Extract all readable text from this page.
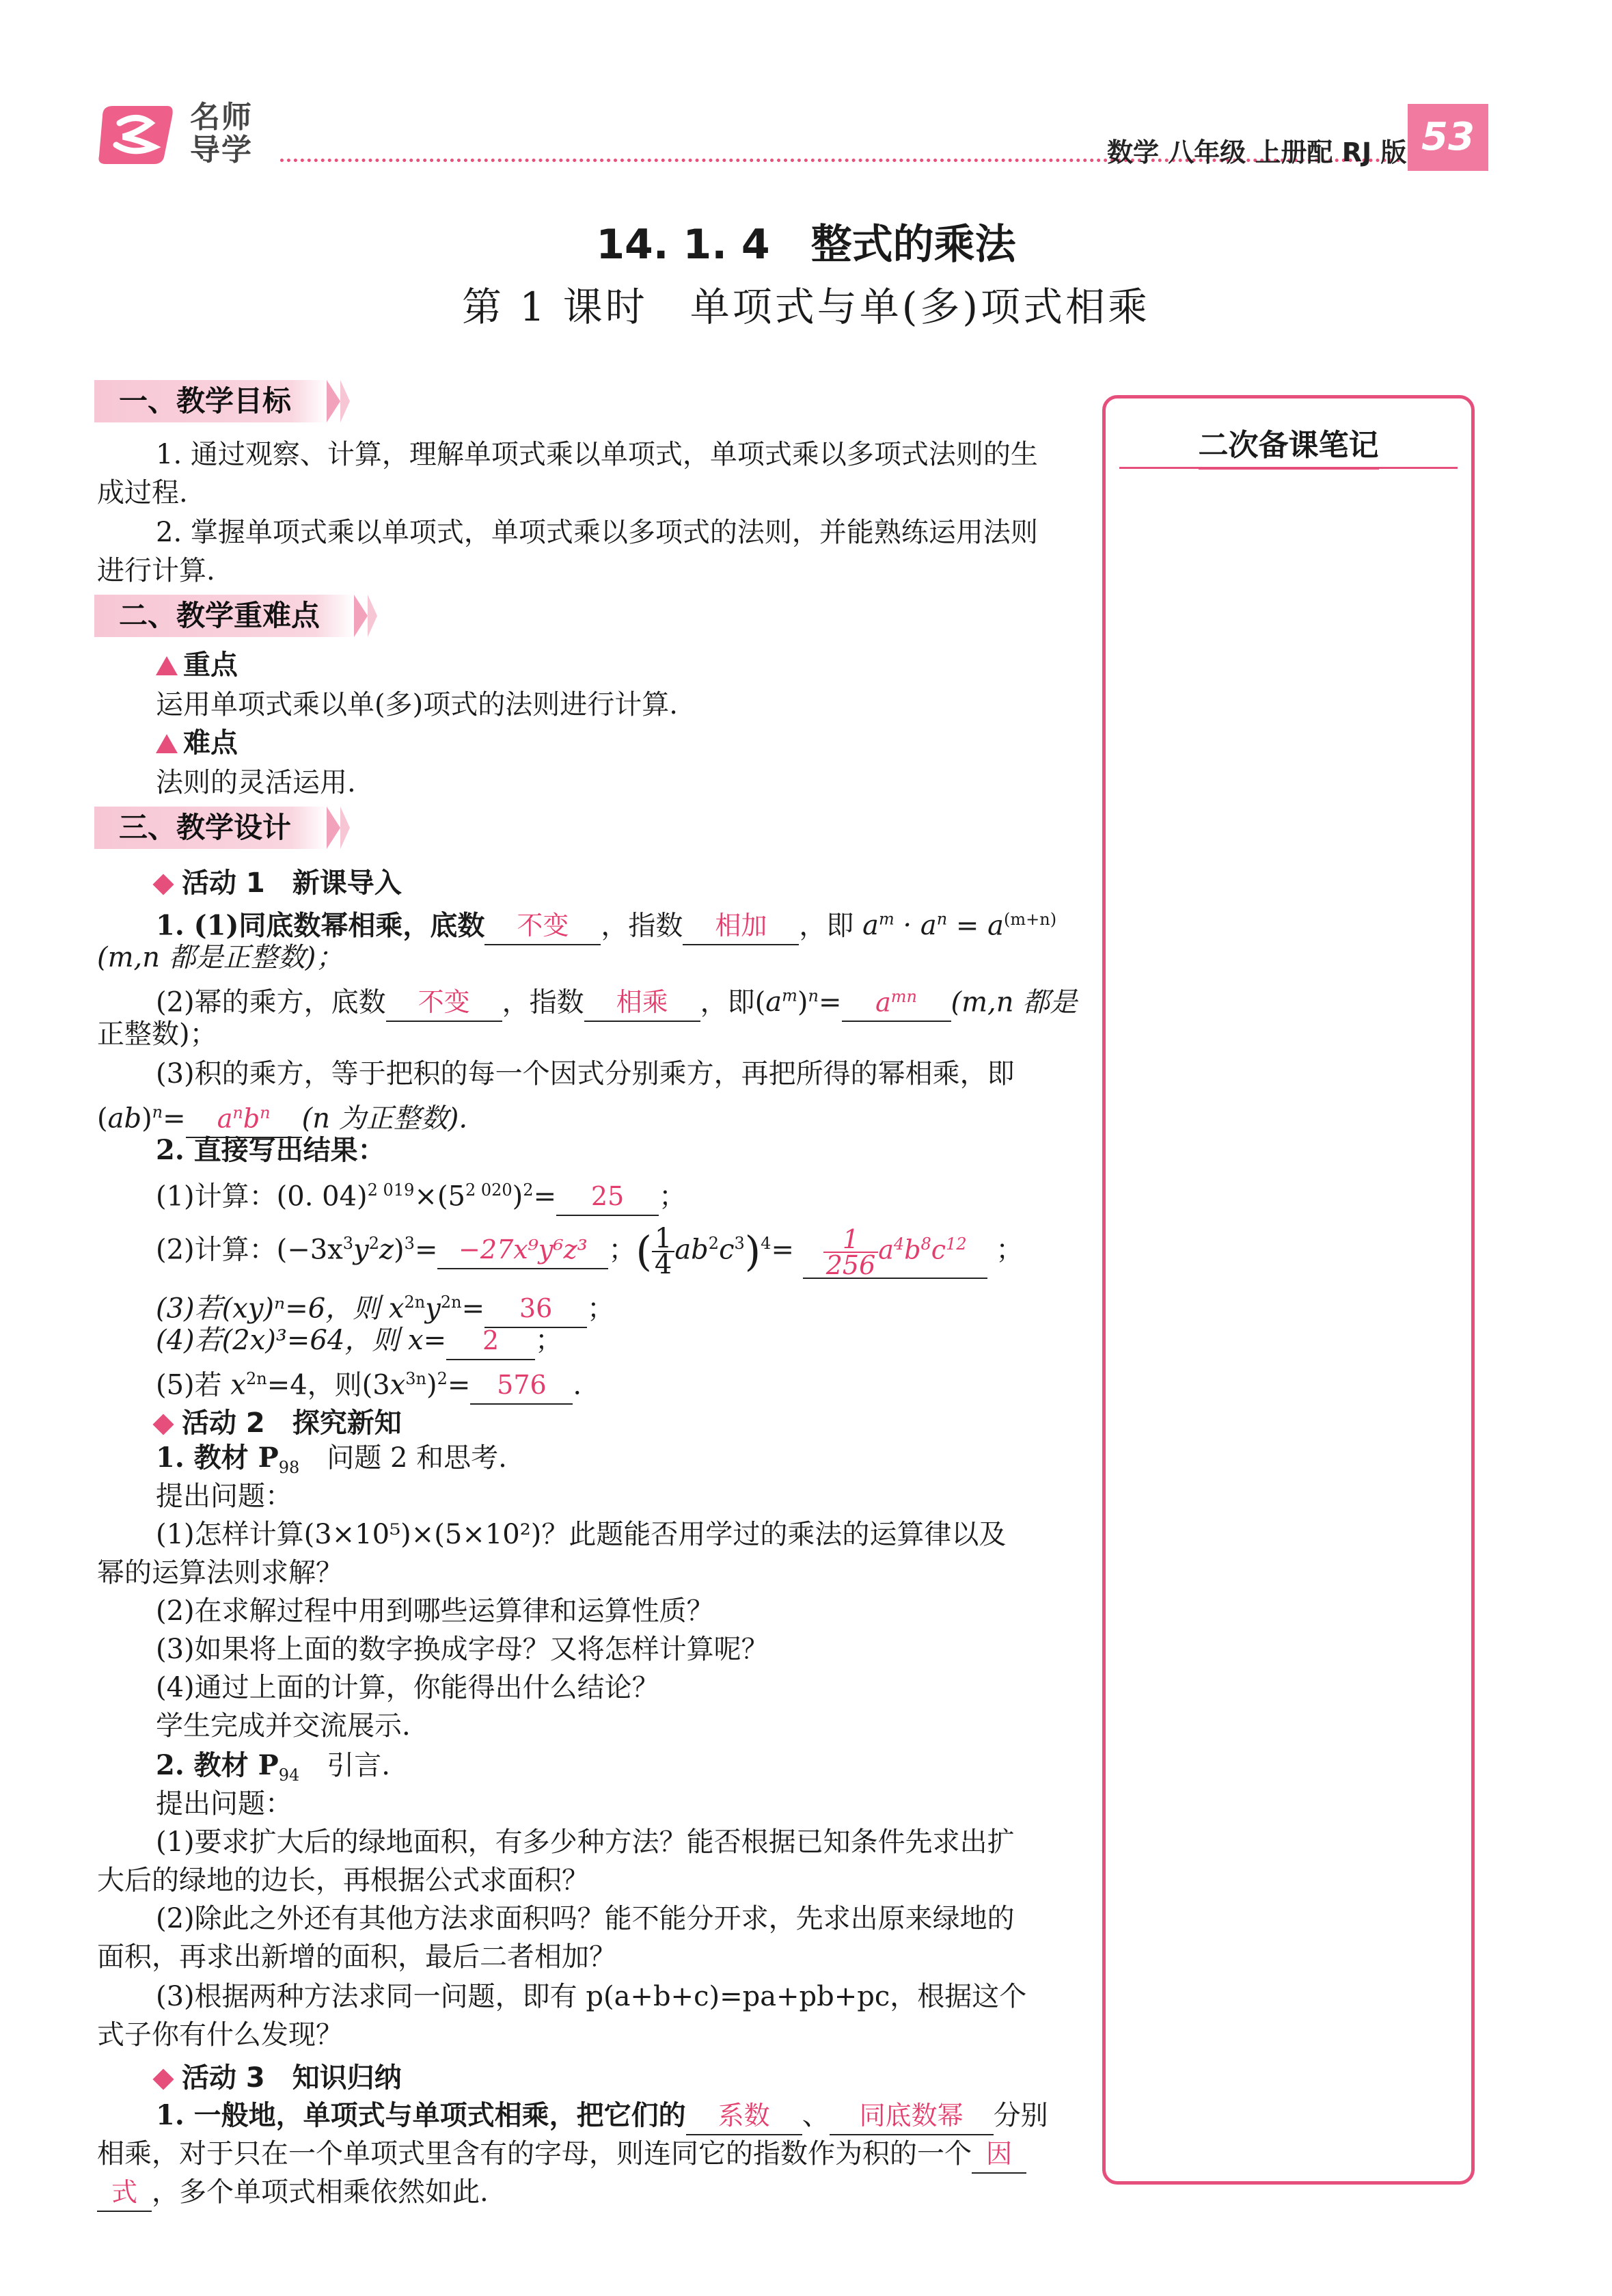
名师
导学	数学 八年级 上册配 RJ 版 53
14. 1. 4　整式的乘法
第 1 课时　单项式与单(多)项式相乘
二次备课笔记
一、教学目标
1. 通过观察、计算，理解单项式乘以单项式，单项式乘以多项式法则的生
成过程.
2. 掌握单项式乘以单项式，单项式乘以多项式的法则，并能熟练运用法则
进行计算.
二、教学重难点
重点
运用单项式乘以单(多)项式的法则进行计算.
难点
法则的灵活运用.
三、教学设计
活动 1　新课导入
1. (1)同底数幂相乘，底数 不变 ，指数 相加 ，即 $a^m \cdot a^n = a^{(m+n)}$
(m,n 都是正整数)；
(2)幂的乘方，底数 不变 ，指数 相乘 ，即$(a^m)^n= a^{mn}$ (m,n 都是
正整数)；
(3)积的乘方，等于把积的每一个因式分别乘方，再把所得的幂相乘，即
$(ab)^n= a^nb^n$ (n 为正整数).
2. 直接写出结果：
(1)计算：(0. $04)^{2 019}\times(5^{2 020})^2= 25$ ；
(2)计算：$(-3x^3y^2z)^3= -27x^9y^6z^3$ ；( $\frac{1}{4} ab^2c^3)^4= \frac{1}{256} a^4b^8c^{12}$ ；
(3)若(xy)ⁿ=6，则 $x^{2n}y^{2n}= 36$ ；
(4)若(2x)³=64，则 x= 2 ；
(5)若 $x^{2n}=4$，则$(3x^{3n})^2= 576$ .
活动 2　探究新知
1. 教材 $P_{98}$　问题 2 和思考.
提出问题：
(1)怎样计算(3×10⁵)×(5×10²)？此题能否用学过的乘法的运算律以及
幂的运算法则求解？
(2)在求解过程中用到哪些运算律和运算性质？
(3)如果将上面的数字换成字母？又将怎样计算呢？
(4)通过上面的计算，你能得出什么结论？
学生完成并交流展示.
2. 教材 $P_{94}$　引言.
提出问题：
(1)要求扩大后的绿地面积，有多少种方法？能否根据已知条件先求出扩
大后的绿地的边长，再根据公式求面积？
(2)除此之外还有其他方法求面积吗？能不能分开求，先求出原来绿地的
面积，再求出新增的面积，最后二者相加？
(3)根据两种方法求同一问题，即有 p(a+b+c)=pa+pb+pc，根据这个
式子你有什么发现？
活动 3　知识归纳
1. 一般地，单项式与单项式相乘，把它们的 系数 、 同底数幂 分别
相乘，对于只在一个单项式里含有的字母，则连同它的指数作为积的一个 因
式 ，多个单项式相乘依然如此.
